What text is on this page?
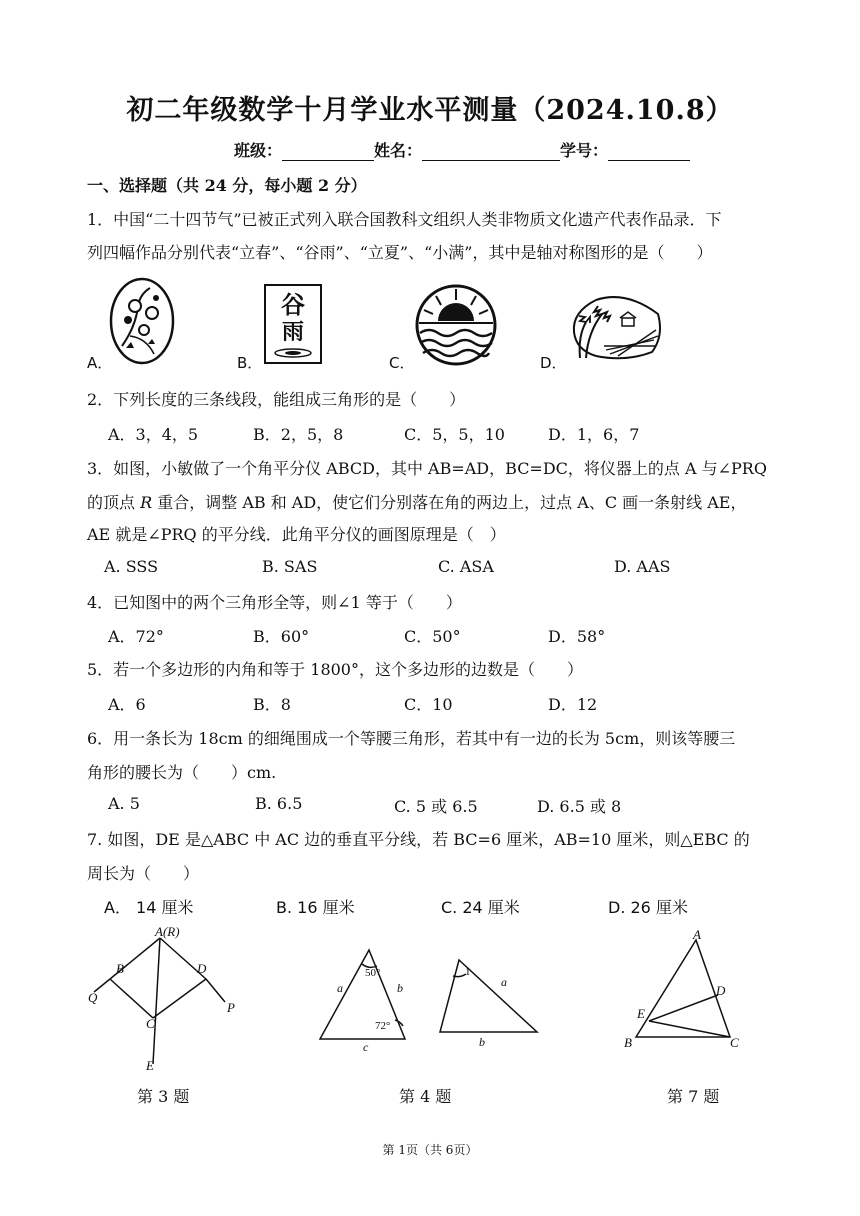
初二年级数学十月学业水平测量（2024.10.8）
班级：	姓名：	学号：
一、选择题（共 24 分，每小题 2 分）
1．中国“二十四节气”已被正式列入联合国教科文组织人类非物质文化遗产代表作品录．下
列四幅作品分别代表“立春”、“谷雨”、“立夏”、“小满”，其中是轴对称图形的是（　　）
A．	B．	C．	D．
谷
雨
2．下列长度的三条线段，能组成三角形的是（　　）
A．3，4，5	B．2，5，8	C．5，5，10	D．1，6，7
3．如图，小敏做了一个角平分仪 ABCD，其中 AB=AD，BC=DC，将仪器上的点 A 与∠PRQ
的顶点 R 重合，调整 AB 和 AD，使它们分别落在角的两边上，过点 A、C 画一条射线 AE，
AE 就是∠PRQ 的平分线．此角平分仪的画图原理是（　）
A. SSS	B. SAS	C. ASA	D. AAS
4．已知图中的两个三角形全等，则∠1 等于（　　）
A．72°	B．60°	C．50°	D．58°
5．若一个多边形的内角和等于 1800°，这个多边形的边数是（　　）
A．6	B．8	C．10	D．12
6．用一条长为 18cm 的细绳围成一个等腰三角形，若其中有一边的长为 5cm，则该等腰三
角形的腰长为（　　）cm.
A. 5	B. 6.5	C. 5 或 6.5	D. 6.5 或 8
7. 如图，DE 是△ABC 中 AC 边的垂直平分线，若 BC=6 厘米，AB=10 厘米，则△EBC 的
周长为（　　）
A． 14 厘米	B. 16 厘米	C. 24 厘米	D. 26 厘米
A(R)
B	D
C
E
Q
P
第 3 题
50°
72°
1
a	b
c
a
b
第 4 题
A
D
E
B	C
第 7 题
第 1页（共 6页）
